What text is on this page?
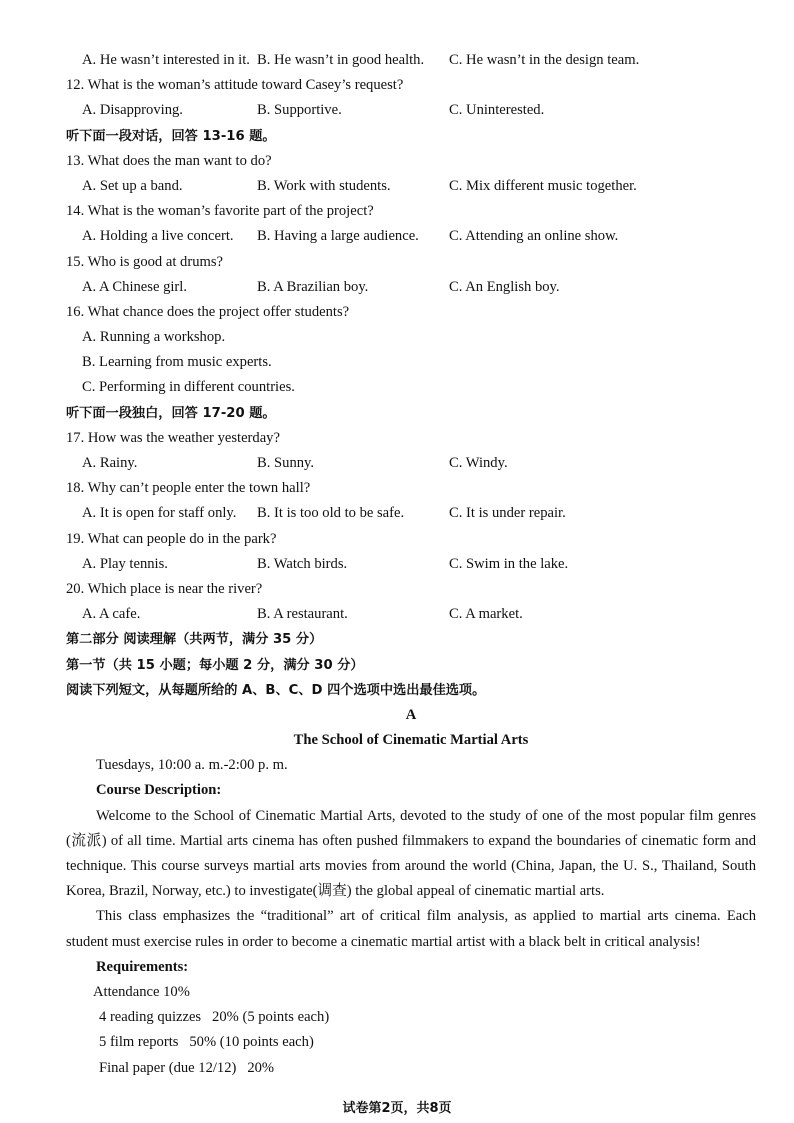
A. He wasn’t interested in it. B. He wasn’t in good health. C. He wasn’t in the design team.
12. What is the woman’s attitude toward Casey’s request?
A. Disapproving.	B. Supportive.	C. Uninterested.
听下面一段对话，回答 13-16 题。
13. What does the man want to do?
A. Set up a band.	B. Work with students.	C. Mix different music together.
14. What is the woman’s favorite part of the project?
A. Holding a live concert. B. Having a large audience. C. Attending an online show.
15. Who is good at drums?
A. A Chinese girl.	B. A Brazilian boy.	C. An English boy.
16. What chance does the project offer students?
A. Running a workshop.
B. Learning from music experts.
C. Performing in different countries.
听下面一段独白，回答 17-20 题。
17. How was the weather yesterday?
A. Rainy.	B. Sunny.	C. Windy.
18. Why can’t people enter the town hall?
A. It is open for staff only. B. It is too old to be safe.	C. It is under repair.
19. What can people do in the park?
A. Play tennis.	B. Watch birds.	C. Swim in the lake.
20. Which place is near the river?
A. A cafe.	B. A restaurant.	C. A market.
第二部分 阅读理解（共两节，满分 35 分）
第一节（共 15 小题；每小题 2 分，满分 30 分）
阅读下列短文，从每题所给的 A、B、C、D 四个选项中选出最佳选项。
A
The School of Cinematic Martial Arts
Tuesdays, 10:00 a. m.-2:00 p. m.
Course Description:
Welcome to the School of Cinematic Martial Arts, devoted to the study of one of the most popular film genres (流派) of all time. Martial arts cinema has often pushed filmmakers to expand the boundaries of cinematic form and technique. This course surveys martial arts movies from around the world (China, Japan, the U. S., Thailand, South Korea, Brazil, Norway, etc.) to investigate(调查) the global appeal of cinematic martial arts.
This class emphasizes the “traditional” art of critical film analysis, as applied to martial arts cinema. Each student must exercise rules in order to become a cinematic martial artist with a black belt in critical analysis!
Requirements:
Attendance 10%
4 reading quizzes   20% (5 points each)
5 film reports   50% (10 points each)
Final paper (due 12/12)   20%
试卷第2页，共8页
